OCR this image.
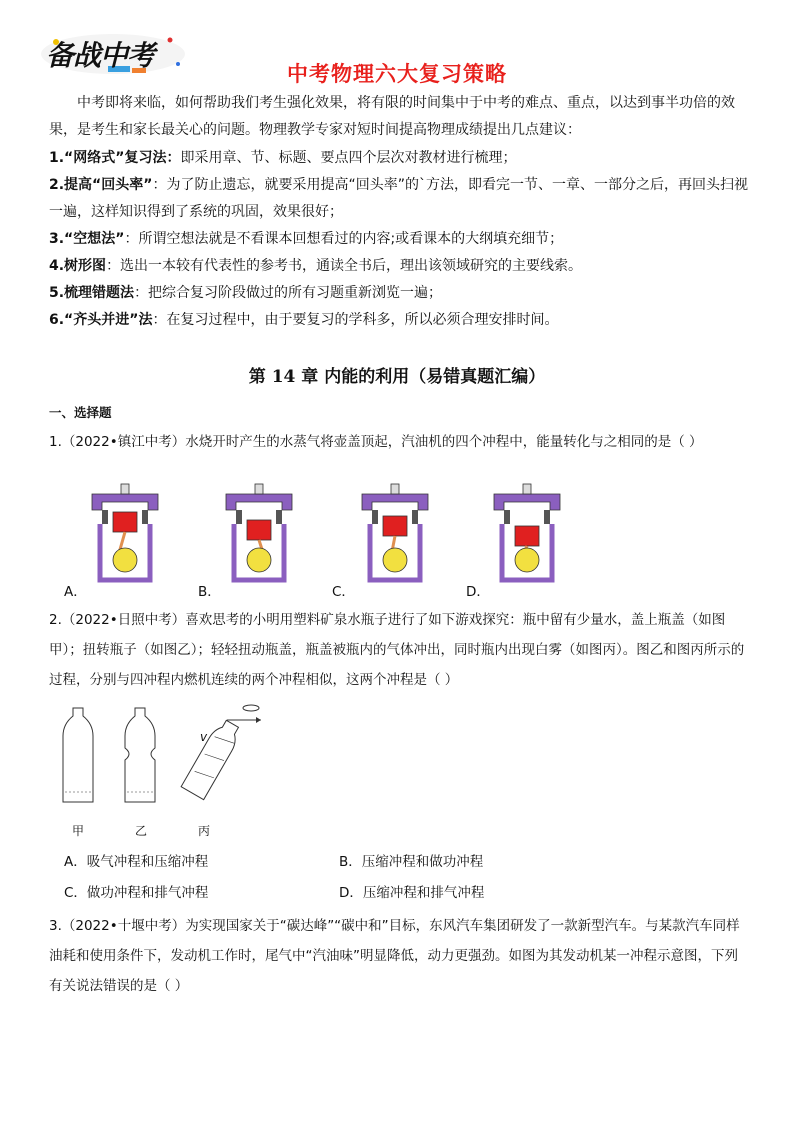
备战中考
中考物理六大复习策略
中考即将来临，如何帮助我们考生强化效果，将有限的时间集中于中考的难点、重点，以达到事半功倍的效果，是考生和家长最关心的问题。物理教学专家对短时间提高物理成绩提出几点建议：
1.“网络式”复习法：即采用章、节、标题、要点四个层次对教材进行梳理；
2.提高“回头率”：为了防止遗忘，就要采用提高“回头率”的`方法，即看完一节、一章、一部分之后，再回头扫视一遍，这样知识得到了系统的巩固，效果很好；
3.“空想法”：所谓空想法就是不看课本回想看过的内容;或看课本的大纲填充细节；
4.树形图：选出一本较有代表性的参考书，通读全书后，理出该领域研究的主要线索。
5.梳理错题法：把综合复习阶段做过的所有习题重新浏览一遍；
6.“齐头并进”法：在复习过程中，由于要复习的学科多，所以必须合理安排时间。
第 14 章 内能的利用（易错真题汇编）
一、选择题
1.（2022•镇江中考）水烧开时产生的水蒸气将壶盖顶起，汽油机的四个冲程中，能量转化与之相同的是（ ）
A．	B．	C．	D．
2.（2022•日照中考）喜欢思考的小明用塑料矿泉水瓶子进行了如下游戏探究：瓶中留有少量水，盖上瓶盖（如图甲）；扭转瓶子（如图乙）；轻轻扭动瓶盖，瓶盖被瓶内的气体冲出，同时瓶内出现白雾（如图丙）。图乙和图丙所示的过程，分别与四冲程内燃机连续的两个冲程相似，这两个冲程是（ ）
v
甲	乙	丙
A．吸气冲程和压缩冲程	B．压缩冲程和做功冲程
C．做功冲程和排气冲程	D．压缩冲程和排气冲程
3.（2022•十堰中考）为实现国家关于“碳达峰”“碳中和”目标，东风汽车集团研发了一款新型汽车。与某款汽车同样油耗和使用条件下，发动机工作时，尾气中“汽油味”明显降低，动力更强劲。如图为其发动机某一冲程示意图，下列有关说法错误的是（ ）
